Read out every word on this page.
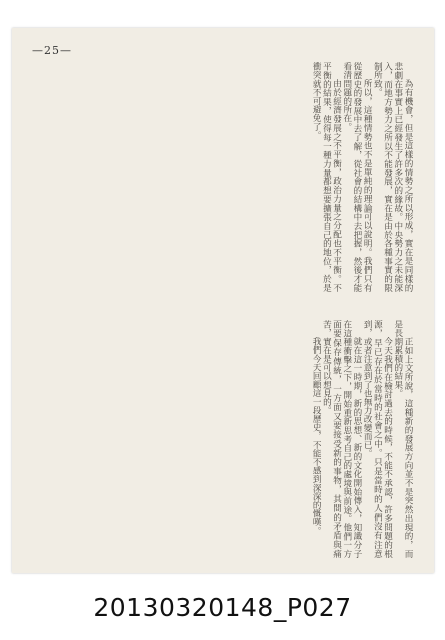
—25—

為有機會，但是這樣的情勢之所以形成，實在是同樣的悲劇在事實上已經發生了許多次的緣故。中央勢力之未能深入，而地方勢力之所以不能發展，實在是由於各種事實的限制所致。

所以，這種情勢也不是單純的理論可以說明。我們只有從歷史的發展中去了解，從社會的結構中去把握，然後才能看清問題的所在。

由於經濟發展之不平衡，政治力量之分配也不平衡。不平衡的結果，使得每一種力量都想要擴張自己的地位，於是衝突就不可避免了。

正如上文所說，這種新的發展方向並不是突然出現的，而是長期累積的結果。

今天我們在檢討過去的時候，不能不承認，許多問題的根源，早已存在於當時的社會之中。只是當時的人們沒有注意到，或者注意到了也無力改變而已。

就在這一時期，新的思想、新的文化開始傳入，知識分子在這種衝擊之下，開始重新思考自己的處境與前途。他們一方面要保存傳統，一方面又要接受新的事物，其間的矛盾與痛苦，實在是可以想見的。

我們今天回顧這一段歷史，不能不感到深深的慨嘆。

20130320148_P027
